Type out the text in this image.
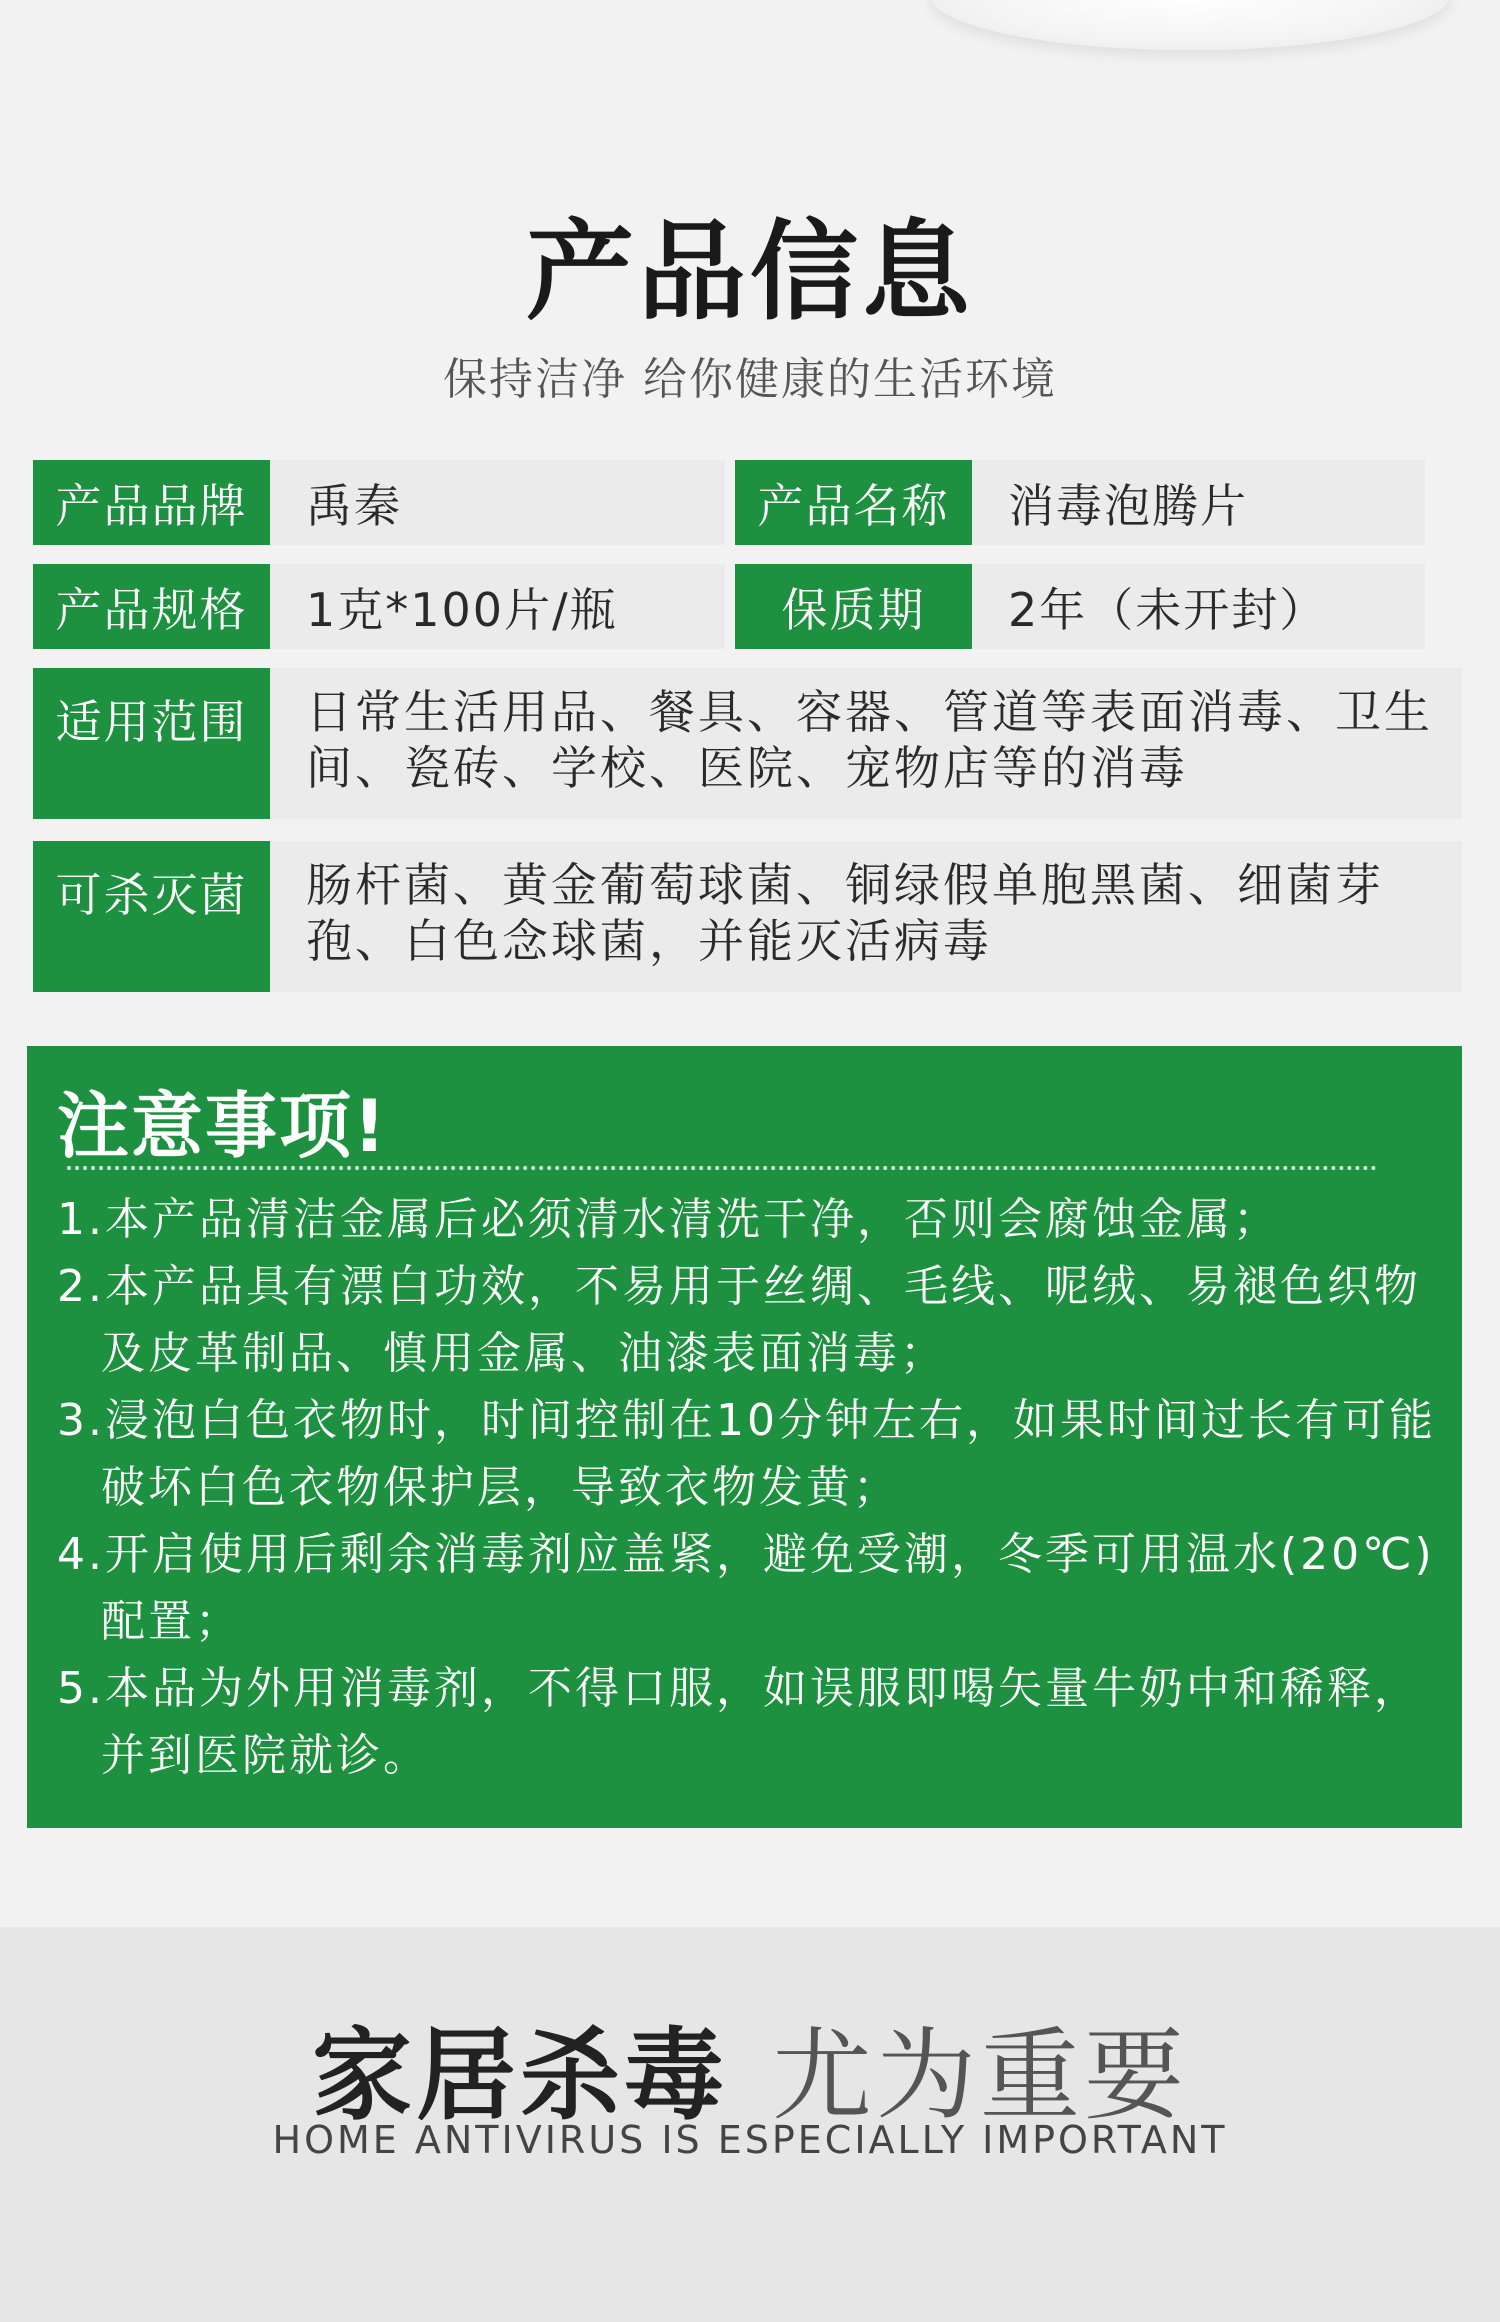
产品信息
保持洁净 给你健康的生活环境
产品品牌	禹秦	产品名称	消毒泡腾片
产品规格	1克*100片/瓶	保质期	2年（未开封）
适用范围	日常生活用品、餐具、容器、管道等表面消毒、卫生间、瓷砖、学校、医院、宠物店等的消毒
可杀灭菌	肠杆菌、黄金葡萄球菌、铜绿假单胞黑菌、细菌芽孢、白色念球菌，并能灭活病毒
注意事项!
1.本产品清洁金属后必须清水清洗干净，否则会腐蚀金属；
2.本产品具有漂白功效，不易用于丝绸、毛线、呢绒、易褪色织物及皮革制品、慎用金属、油漆表面消毒；
3.浸泡白色衣物时，时间控制在10分钟左右，如果时间过长有可能破坏白色衣物保护层，导致衣物发黄；
4.开启使用后剩余消毒剂应盖紧，避免受潮，冬季可用温水(20℃)配置；
5.本品为外用消毒剂，不得口服，如误服即喝矢量牛奶中和稀释，并到医院就诊。
家居杀毒 尤为重要
HOME ANTIVIRUS IS ESPECIALLY IMPORTANT
